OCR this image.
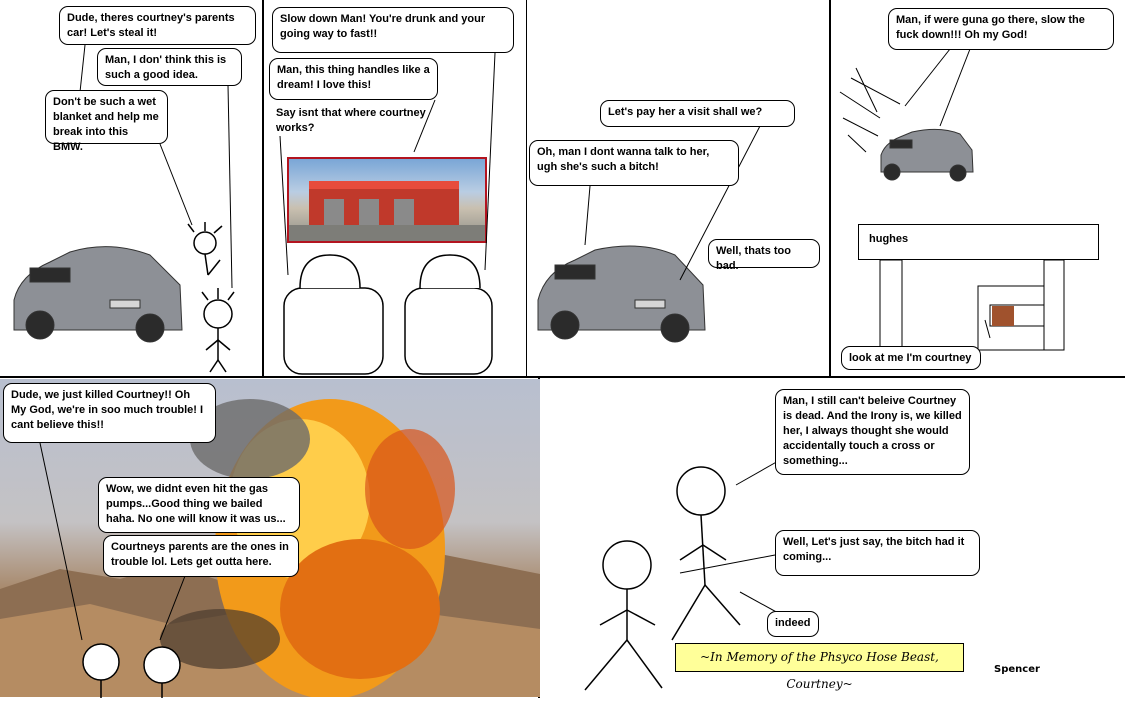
hughes
Dude, theres courtney's parents car! Let's steal it!
Man, I don' think this is such a good idea.
Don't be such a wet blanket and help me break into this BMW.
Slow down Man! You're drunk and your going way to fast!!
Man, this thing handles like a dream! I love this!
Say isnt that where courtney works?
Let's pay her a visit shall we?
Oh, man I dont wanna talk to her, ugh she's such a bitch!
Well, thats too bad.
Man, if were guna go there, slow the fuck down!!! Oh my God!
look at me I'm courtney
Dude, we just killed Courtney!! Oh My God, we're in soo much trouble! I cant believe this!!
Wow, we didnt even hit the gas pumps...Good thing we bailed haha. No one will know it was us...
Courtneys parents are the ones in trouble lol. Lets get outta here.
Man, I still can't beleive Courtney is dead. And the Irony is, we killed her, I always thought she would accidentally touch a cross or something...
Well, Let's just say, the bitch had it coming...
indeed
~In Memory of the Phsyco Hose Beast, Courtney~
Spencer
